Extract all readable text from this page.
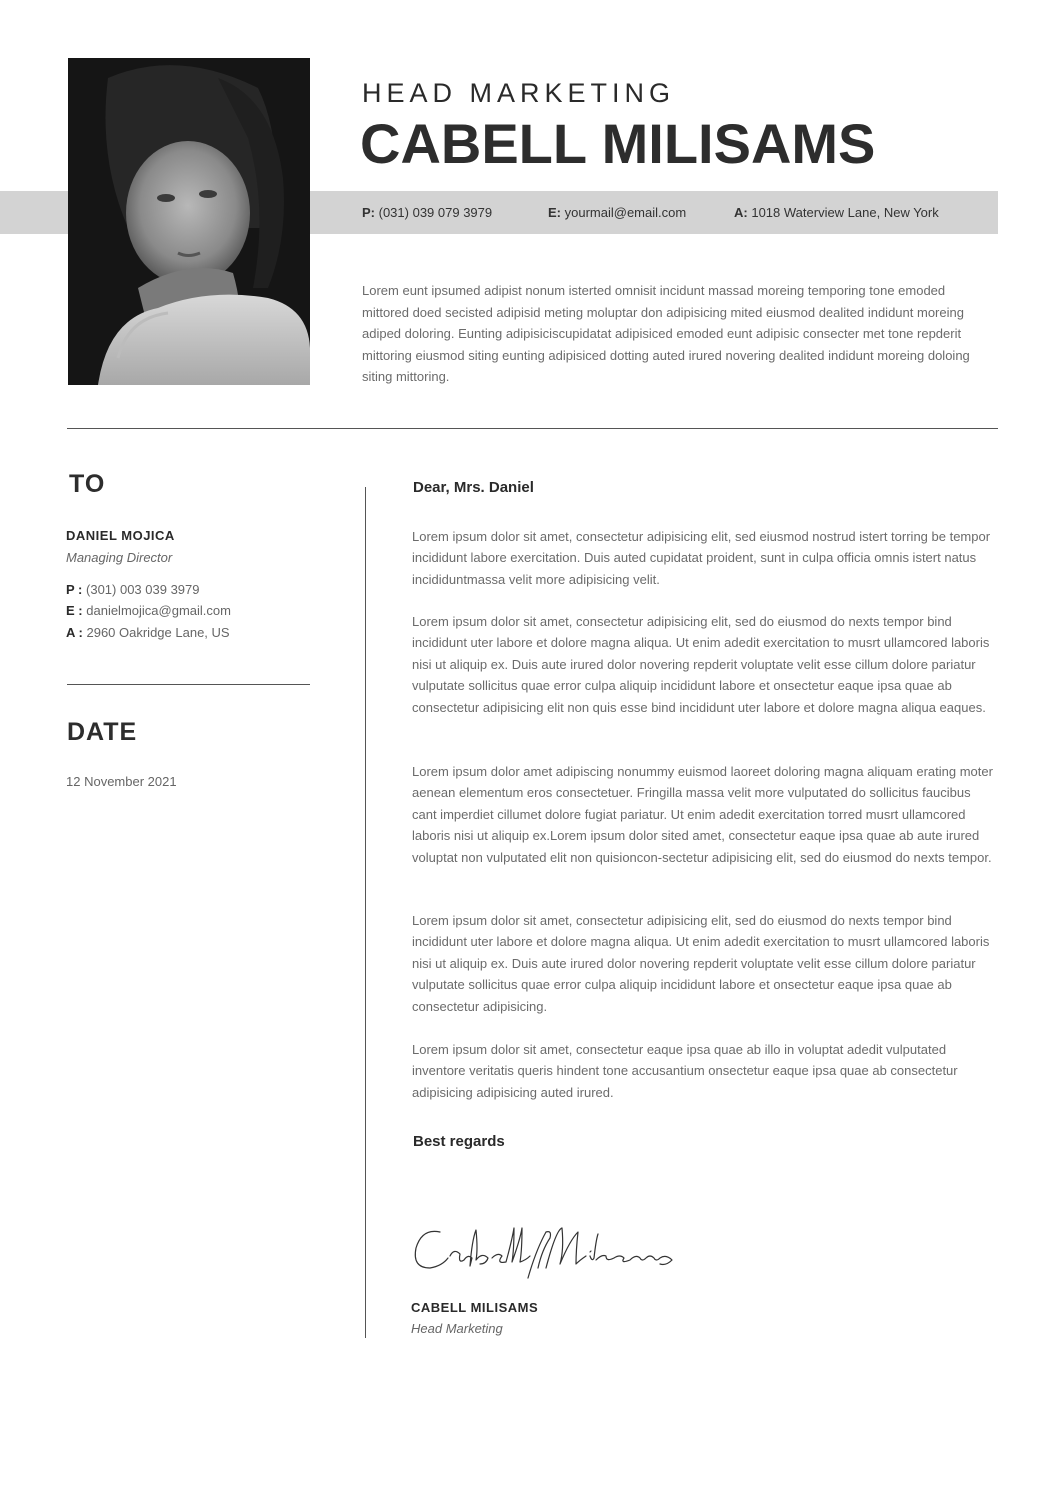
HEAD MARKETING
CABELL MILISAMS
P: (031) 039 079 3979	E: yourmail@email.com	A: 1018 Waterview Lane, New York

Lorem eunt ipsumed adipist nonum isterted omnisit incidunt massad moreing temporing tone emoded mittored doed secisted adipisid meting moluptar don adipisicing mited eiusmod dealited indidunt moreing adiped doloring. Eunting adipisiciscupidatat adipisiced emoded eunt adipisic consecter met tone repderit mittoring eiusmod siting eunting adipisiced dotting auted irured novering dealited indidunt moreing doloing siting mittoring.

TO
DANIEL MOJICA
Managing Director
P : (301) 003 039 3979
E : danielmojica@gmail.com
A : 2960 Oakridge Lane, US
DATE
12 November 2021
Dear, Mrs. Daniel

Lorem ipsum dolor sit amet, consectetur adipisicing elit, sed eiusmod nostrud istert torring be tempor incididunt labore exercitation. Duis auted cupidatat proident, sunt in culpa officia omnis istert natus incididuntmassa velit more adipisicing velit.

Lorem ipsum dolor sit amet, consectetur adipisicing elit, sed do eiusmod do nexts tempor bind incididunt uter labore et dolore magna aliqua. Ut enim adedit exercitation to musrt ullamcored laboris nisi ut aliquip ex. Duis aute irured dolor novering repderit voluptate velit esse cillum dolore pariatur vulputate sollicitus quae error culpa aliquip incididunt labore et onsectetur eaque ipsa quae ab consectetur adipisicing elit non quis esse bind incididunt uter labore et dolore magna aliqua eaques.

Lorem ipsum dolor amet adipiscing nonummy euismod laoreet doloring magna aliquam erating moter aenean elementum eros consectetuer. Fringilla massa velit more vulputated do sollicitus faucibus cant imperdiet cillumet dolore fugiat pariatur. Ut enim adedit exercitation torred musrt ullamcored laboris nisi ut aliquip ex.Lorem ipsum dolor sited amet, consectetur eaque ipsa quae ab aute irured voluptat non vulputated elit non quisioncon-sectetur adipisicing elit, sed do eiusmod do nexts tempor.

Lorem ipsum dolor sit amet, consectetur adipisicing elit, sed do eiusmod do nexts tempor bind incididunt uter labore et dolore magna aliqua. Ut enim adedit exercitation to musrt ullamcored laboris nisi ut aliquip ex. Duis aute irured dolor novering repderit voluptate velit esse cillum dolore pariatur vulputate sollicitus quae error culpa aliquip incididunt labore et onsectetur eaque ipsa quae ab consectetur adipisicing.

Lorem ipsum dolor sit amet, consectetur eaque ipsa quae ab illo in voluptat adedit vulputated inventore veritatis queris hindent tone accusantium onsectetur eaque ipsa quae ab consectetur adipisicing adipisicing auted irured.

Best regards
CABELL MILISAMS
Head Marketing
